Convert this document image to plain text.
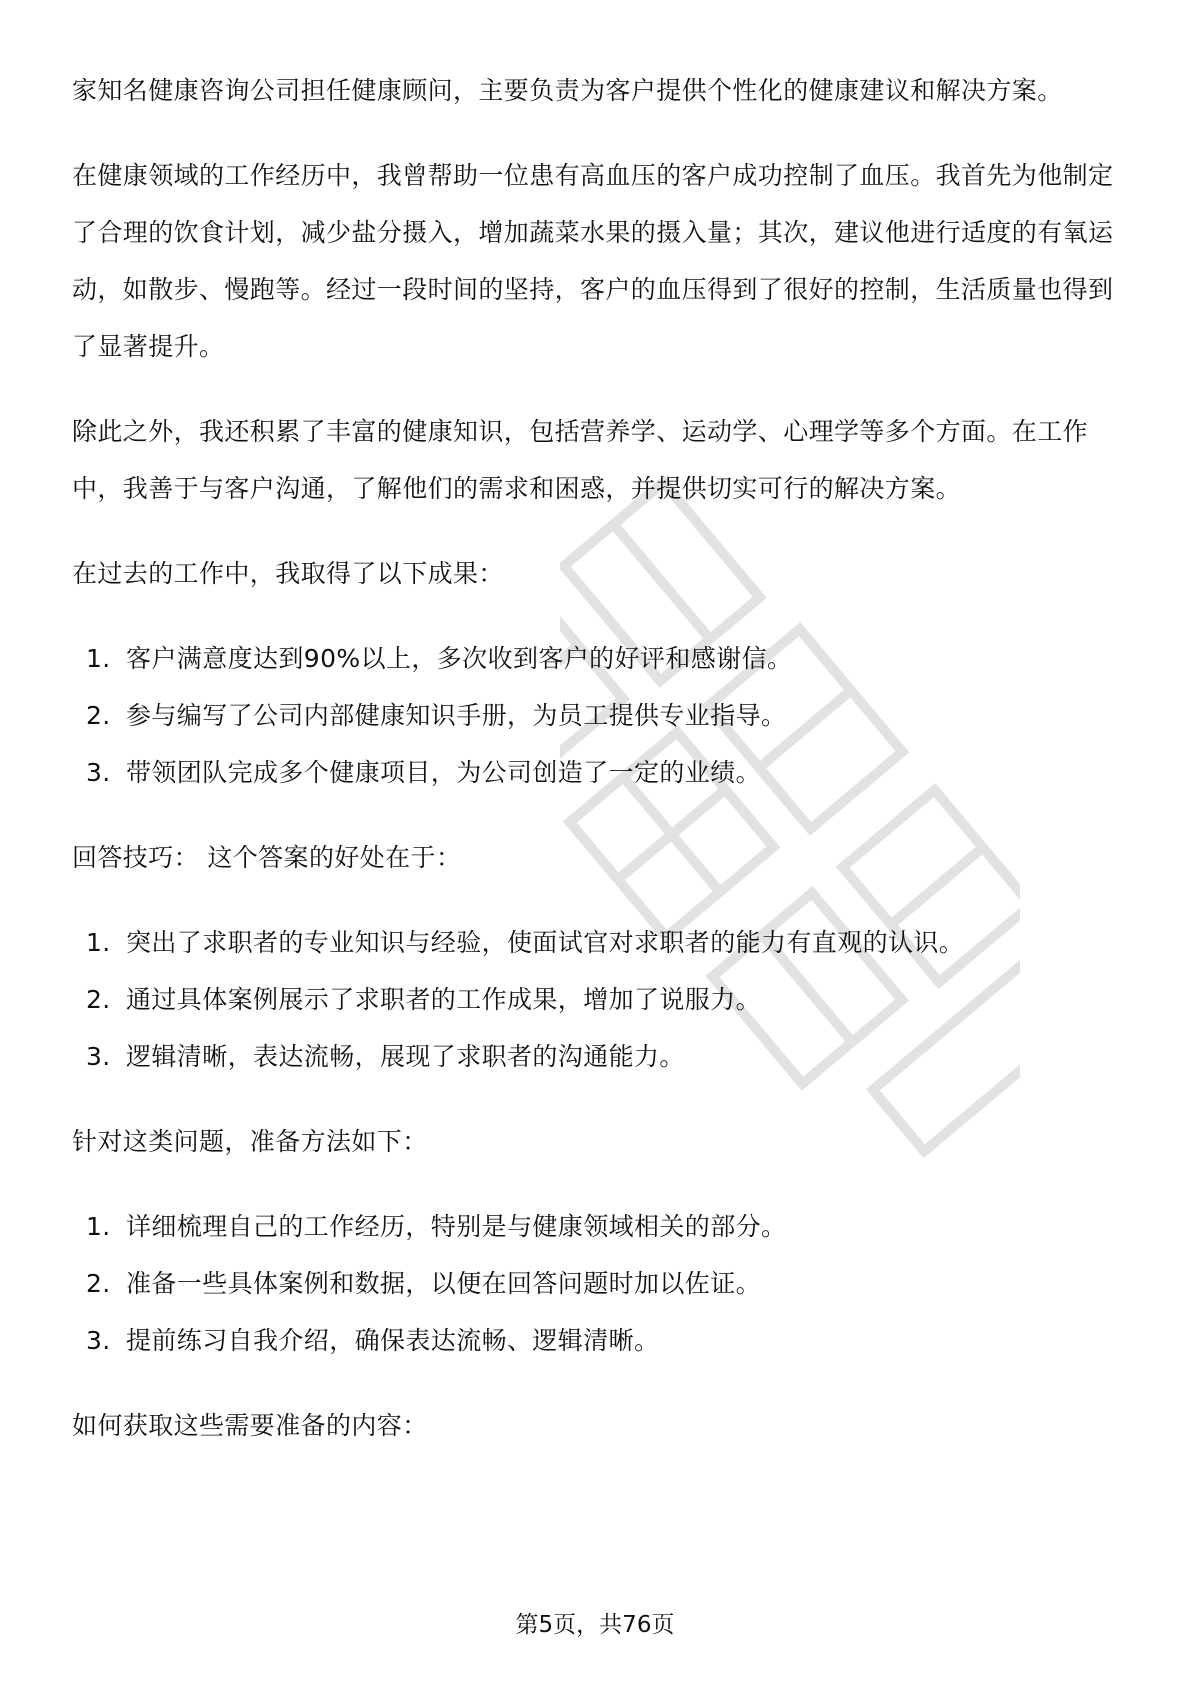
家知名健康咨询公司担任健康顾问，主要负责为客户提供个性化的健康建议和解决方案。

在健康领域的工作经历中，我曾帮助一位患有高血压的客户成功控制了血压。我首先为他制定了合理的饮食计划，减少盐分摄入，增加蔬菜水果的摄入量；其次，建议他进行适度的有氧运动，如散步、慢跑等。经过一段时间的坚持，客户的血压得到了很好的控制，生活质量也得到了显著提升。

除此之外，我还积累了丰富的健康知识，包括营养学、运动学、心理学等多个方面。在工作中，我善于与客户沟通，了解他们的需求和困惑，并提供切实可行的解决方案。

在过去的工作中，我取得了以下成果：

1. 客户满意度达到90%以上，多次收到客户的好评和感谢信。
2. 参与编写了公司内部健康知识手册，为员工提供专业指导。
3. 带领团队完成多个健康项目，为公司创造了一定的业绩。

回答技巧： 这个答案的好处在于：

1. 突出了求职者的专业知识与经验，使面试官对求职者的能力有直观的认识。
2. 通过具体案例展示了求职者的工作成果，增加了说服力。
3. 逻辑清晰，表达流畅，展现了求职者的沟通能力。

针对这类问题，准备方法如下：

1. 详细梳理自己的工作经历，特别是与健康领域相关的部分。
2. 准备一些具体案例和数据，以便在回答问题时加以佐证。
3. 提前练习自我介绍，确保表达流畅、逻辑清晰。

如何获取这些需要准备的内容：

第5页，共76页
